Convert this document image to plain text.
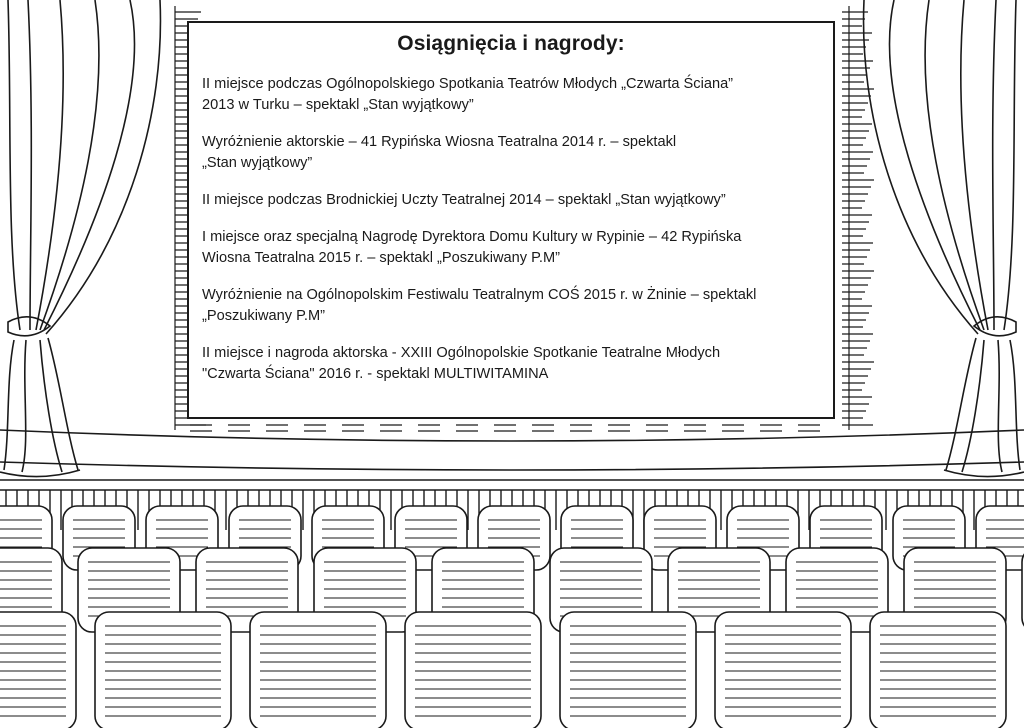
Osiągnięcia i nagrody:
II miejsce podczas Ogólnopolskiego Spotkania Teatrów Młodych „Czwarta Ściana”
2013 w Turku – spektakl „Stan wyjątkowy”
Wyróżnienie aktorskie – 41 Rypińska Wiosna Teatralna 2014 r. – spektakl
„Stan wyjątkowy”
II miejsce podczas Brodnickiej Uczty Teatralnej 2014 – spektakl „Stan wyjątkowy”
I miejsce oraz specjalną Nagrodę Dyrektora Domu Kultury w Rypinie – 42 Rypińska
Wiosna Teatralna 2015 r. – spektakl „Poszukiwany P.M”
Wyróżnienie na Ogólnopolskim Festiwalu Teatralnym COŚ 2015 r. w Żninie – spektakl
„Poszukiwany P.M”
II miejsce i nagroda aktorska - XXIII Ogólnopolskie Spotkanie Teatralne Młodych
"Czwarta Ściana" 2016 r. - spektakl MULTIWITAMINA
